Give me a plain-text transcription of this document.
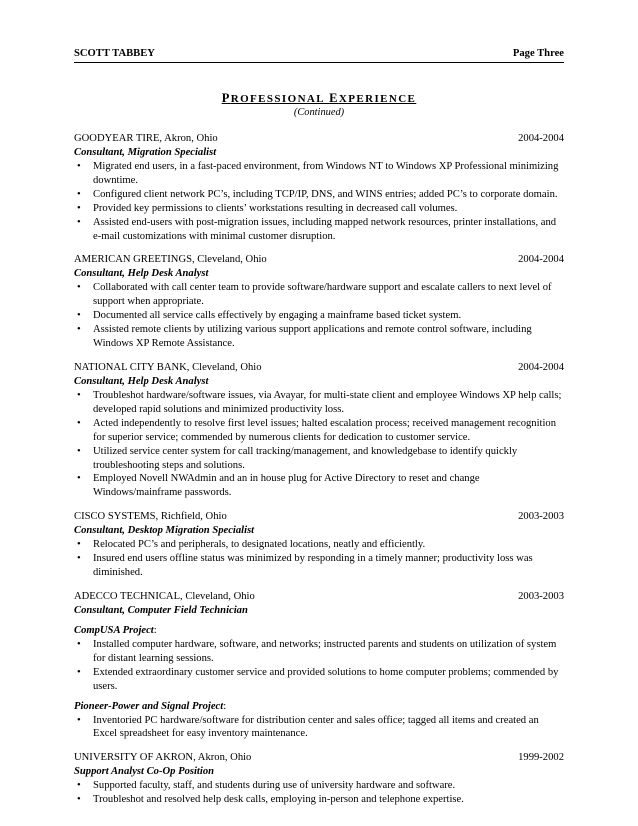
SCOTT TABBEY	Page Three
PROFESSIONAL EXPERIENCE
(Continued)
GOODYEAR TIRE, Akron, Ohio	2004-2004
Consultant, Migration Specialist
• Migrated end users, in a fast-paced environment, from Windows NT to Windows XP Professional minimizing downtime.
• Configured client network PC’s, including TCP/IP, DNS, and WINS entries; added PC’s to corporate domain.
• Provided key permissions to clients’ workstations resulting in decreased call volumes.
• Assisted end-users with post-migration issues, including mapped network resources, printer installations, and e-mail customizations with minimal customer disruption.
AMERICAN GREETINGS, Cleveland, Ohio	2004-2004
Consultant, Help Desk Analyst
• Collaborated with call center team to provide software/hardware support and escalate callers to next level of support when appropriate.
• Documented all service calls effectively by engaging a mainframe based ticket system.
• Assisted remote clients by utilizing various support applications and remote control software, including Windows XP Remote Assistance.
NATIONAL CITY BANK, Cleveland, Ohio	2004-2004
Consultant, Help Desk Analyst
• Troubleshot hardware/software issues, via Avayar, for multi-state client and employee Windows XP help calls; developed rapid solutions and minimized productivity loss.
• Acted independently to resolve first level issues; halted escalation process; received management recognition for superior service; commended by numerous clients for dedication to customer service.
• Utilized service center system for call tracking/management, and knowledgebase to identify quickly troubleshooting steps and solutions.
• Employed Novell NWAdmin and an in house plug for Active Directory to reset and change Windows/mainframe passwords.
CISCO SYSTEMS, Richfield, Ohio	2003-2003
Consultant, Desktop Migration Specialist
• Relocated PC’s and peripherals, to designated locations, neatly and efficiently.
• Insured end users offline status was minimized by responding in a timely manner; productivity loss was diminished.
ADECCO TECHNICAL, Cleveland, Ohio	2003-2003
Consultant, Computer Field Technician
CompUSA Project:
• Installed computer hardware, software, and networks; instructed parents and students on utilization of system for distant learning sessions.
• Extended extraordinary customer service and provided solutions to home computer problems; commended by users.
Pioneer-Power and Signal Project:
• Inventoried PC hardware/software for distribution center and sales office; tagged all items and created an Excel spreadsheet for easy inventory maintenance.
UNIVERSITY OF AKRON, Akron, Ohio	1999-2002
Support Analyst Co-Op Position
• Supported faculty, staff, and students during use of university hardware and software.
• Troubleshot and resolved help desk calls, employing in-person and telephone expertise.
